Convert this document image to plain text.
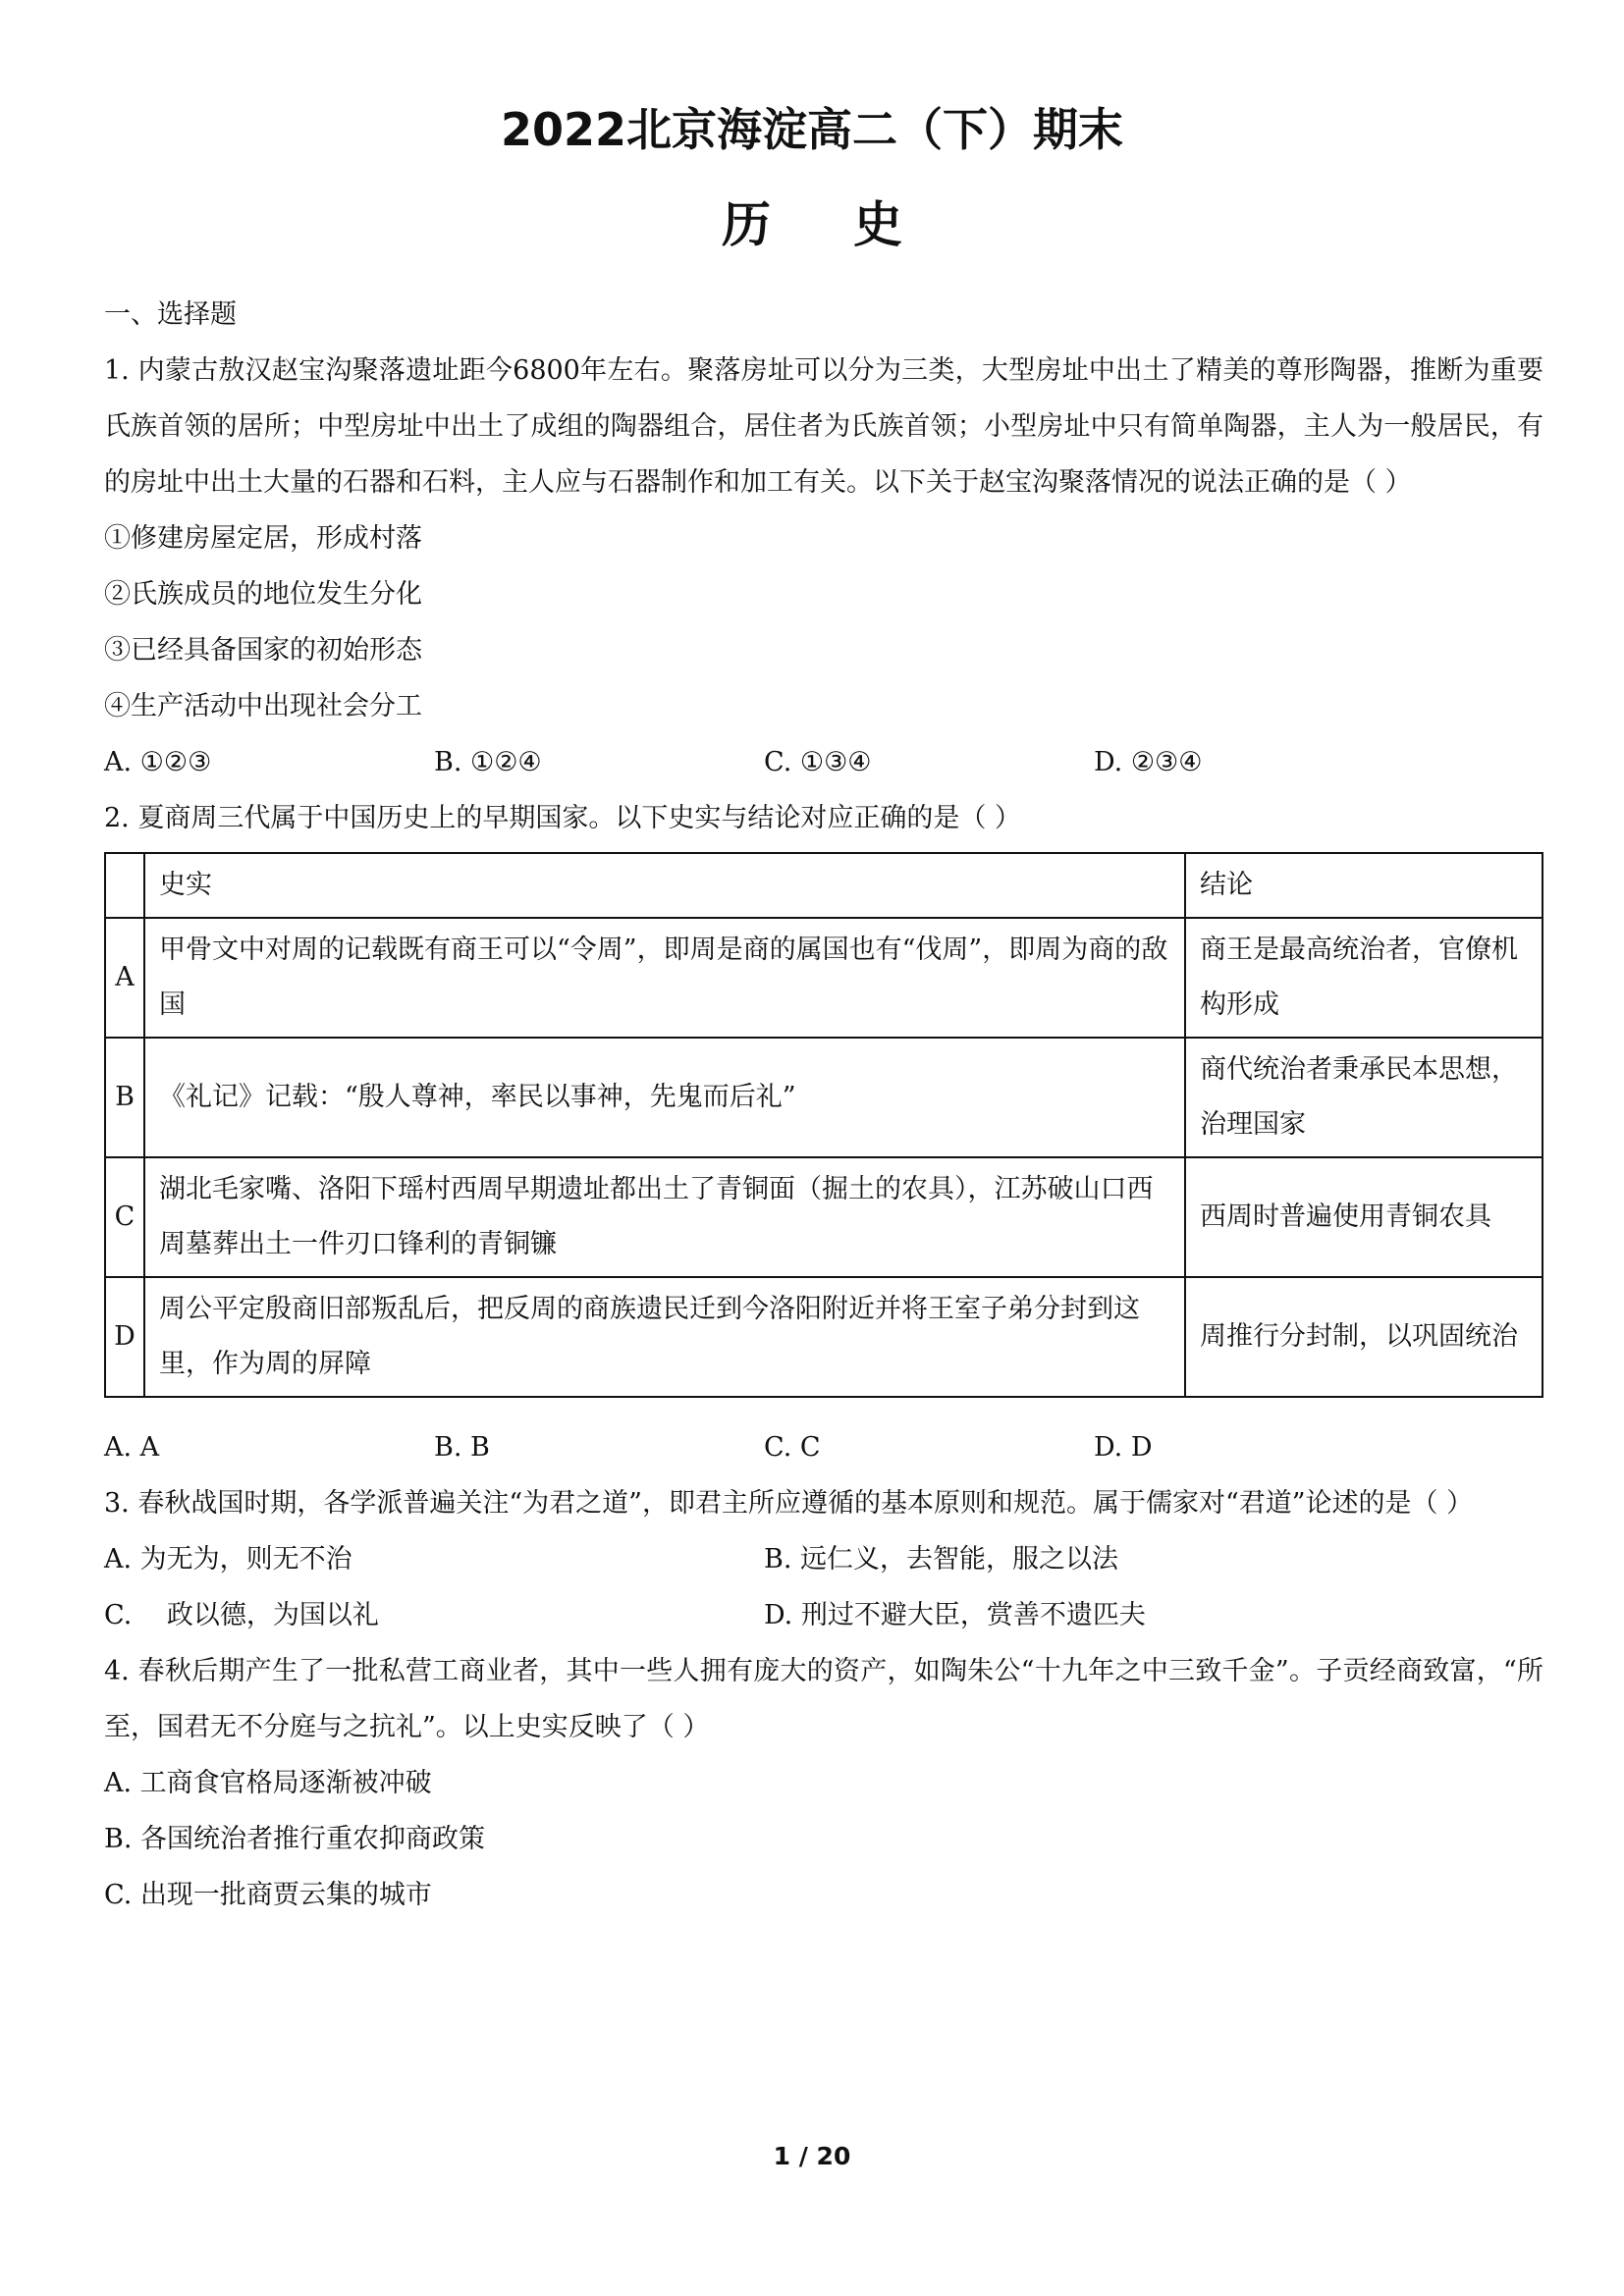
2022北京海淀高二（下）期末
历史
一、选择题
1. 内蒙古敖汉赵宝沟聚落遗址距今6800年左右。聚落房址可以分为三类，大型房址中出土了精美的尊形陶器，推断为重要氏族首领的居所；中型房址中出土了成组的陶器组合，居住者为氏族首领；小型房址中只有简单陶器，主人为一般居民，有的房址中出土大量的石器和石料，主人应与石器制作和加工有关。以下关于赵宝沟聚落情况的说法正确的是（ ）
①修建房屋定居，形成村落
②氏族成员的地位发生分化
③已经具备国家的初始形态
④生产活动中出现社会分工
A. ①②③	B. ①②④	C. ①③④	D. ②③④
2. 夏商周三代属于中国历史上的早期国家。以下史实与结论对应正确的是（ ）
	史实	结论
A	甲骨文中对周的记载既有商王可以“令周”，即周是商的属国也有“伐周”，即周为商的敌国	商王是最高统治者，官僚机构形成
B	《礼记》记载：“殷人尊神，率民以事神，先鬼而后礼”	商代统治者秉承民本思想，治理国家
C	湖北毛家嘴、洛阳下瑶村西周早期遗址都出土了青铜面（掘土的农具），江苏破山口西周墓葬出土一件刃口锋利的青铜镰	西周时普遍使用青铜农具
D	周公平定殷商旧部叛乱后，把反周的商族遗民迁到今洛阳附近并将王室子弟分封到这里，作为周的屏障	周推行分封制，以巩固统治
A. A	B. B	C. C	D. D
3. 春秋战国时期，各学派普遍关注“为君之道”，即君主所应遵循的基本原则和规范。属于儒家对“君道”论述的是（ ）
A. 为无为，则无不治	B. 远仁义，去智能，服之以法
C.　 政以德，为国以礼	D. 刑过不避大臣，赏善不遗匹夫
4. 春秋后期产生了一批私营工商业者，其中一些人拥有庞大的资产，如陶朱公“十九年之中三致千金”。子贡经商致富，“所至，国君无不分庭与之抗礼”。以上史实反映了（ ）
A. 工商食官格局逐渐被冲破
B. 各国统治者推行重农抑商政策
C. 出现一批商贾云集的城市
1 / 20
